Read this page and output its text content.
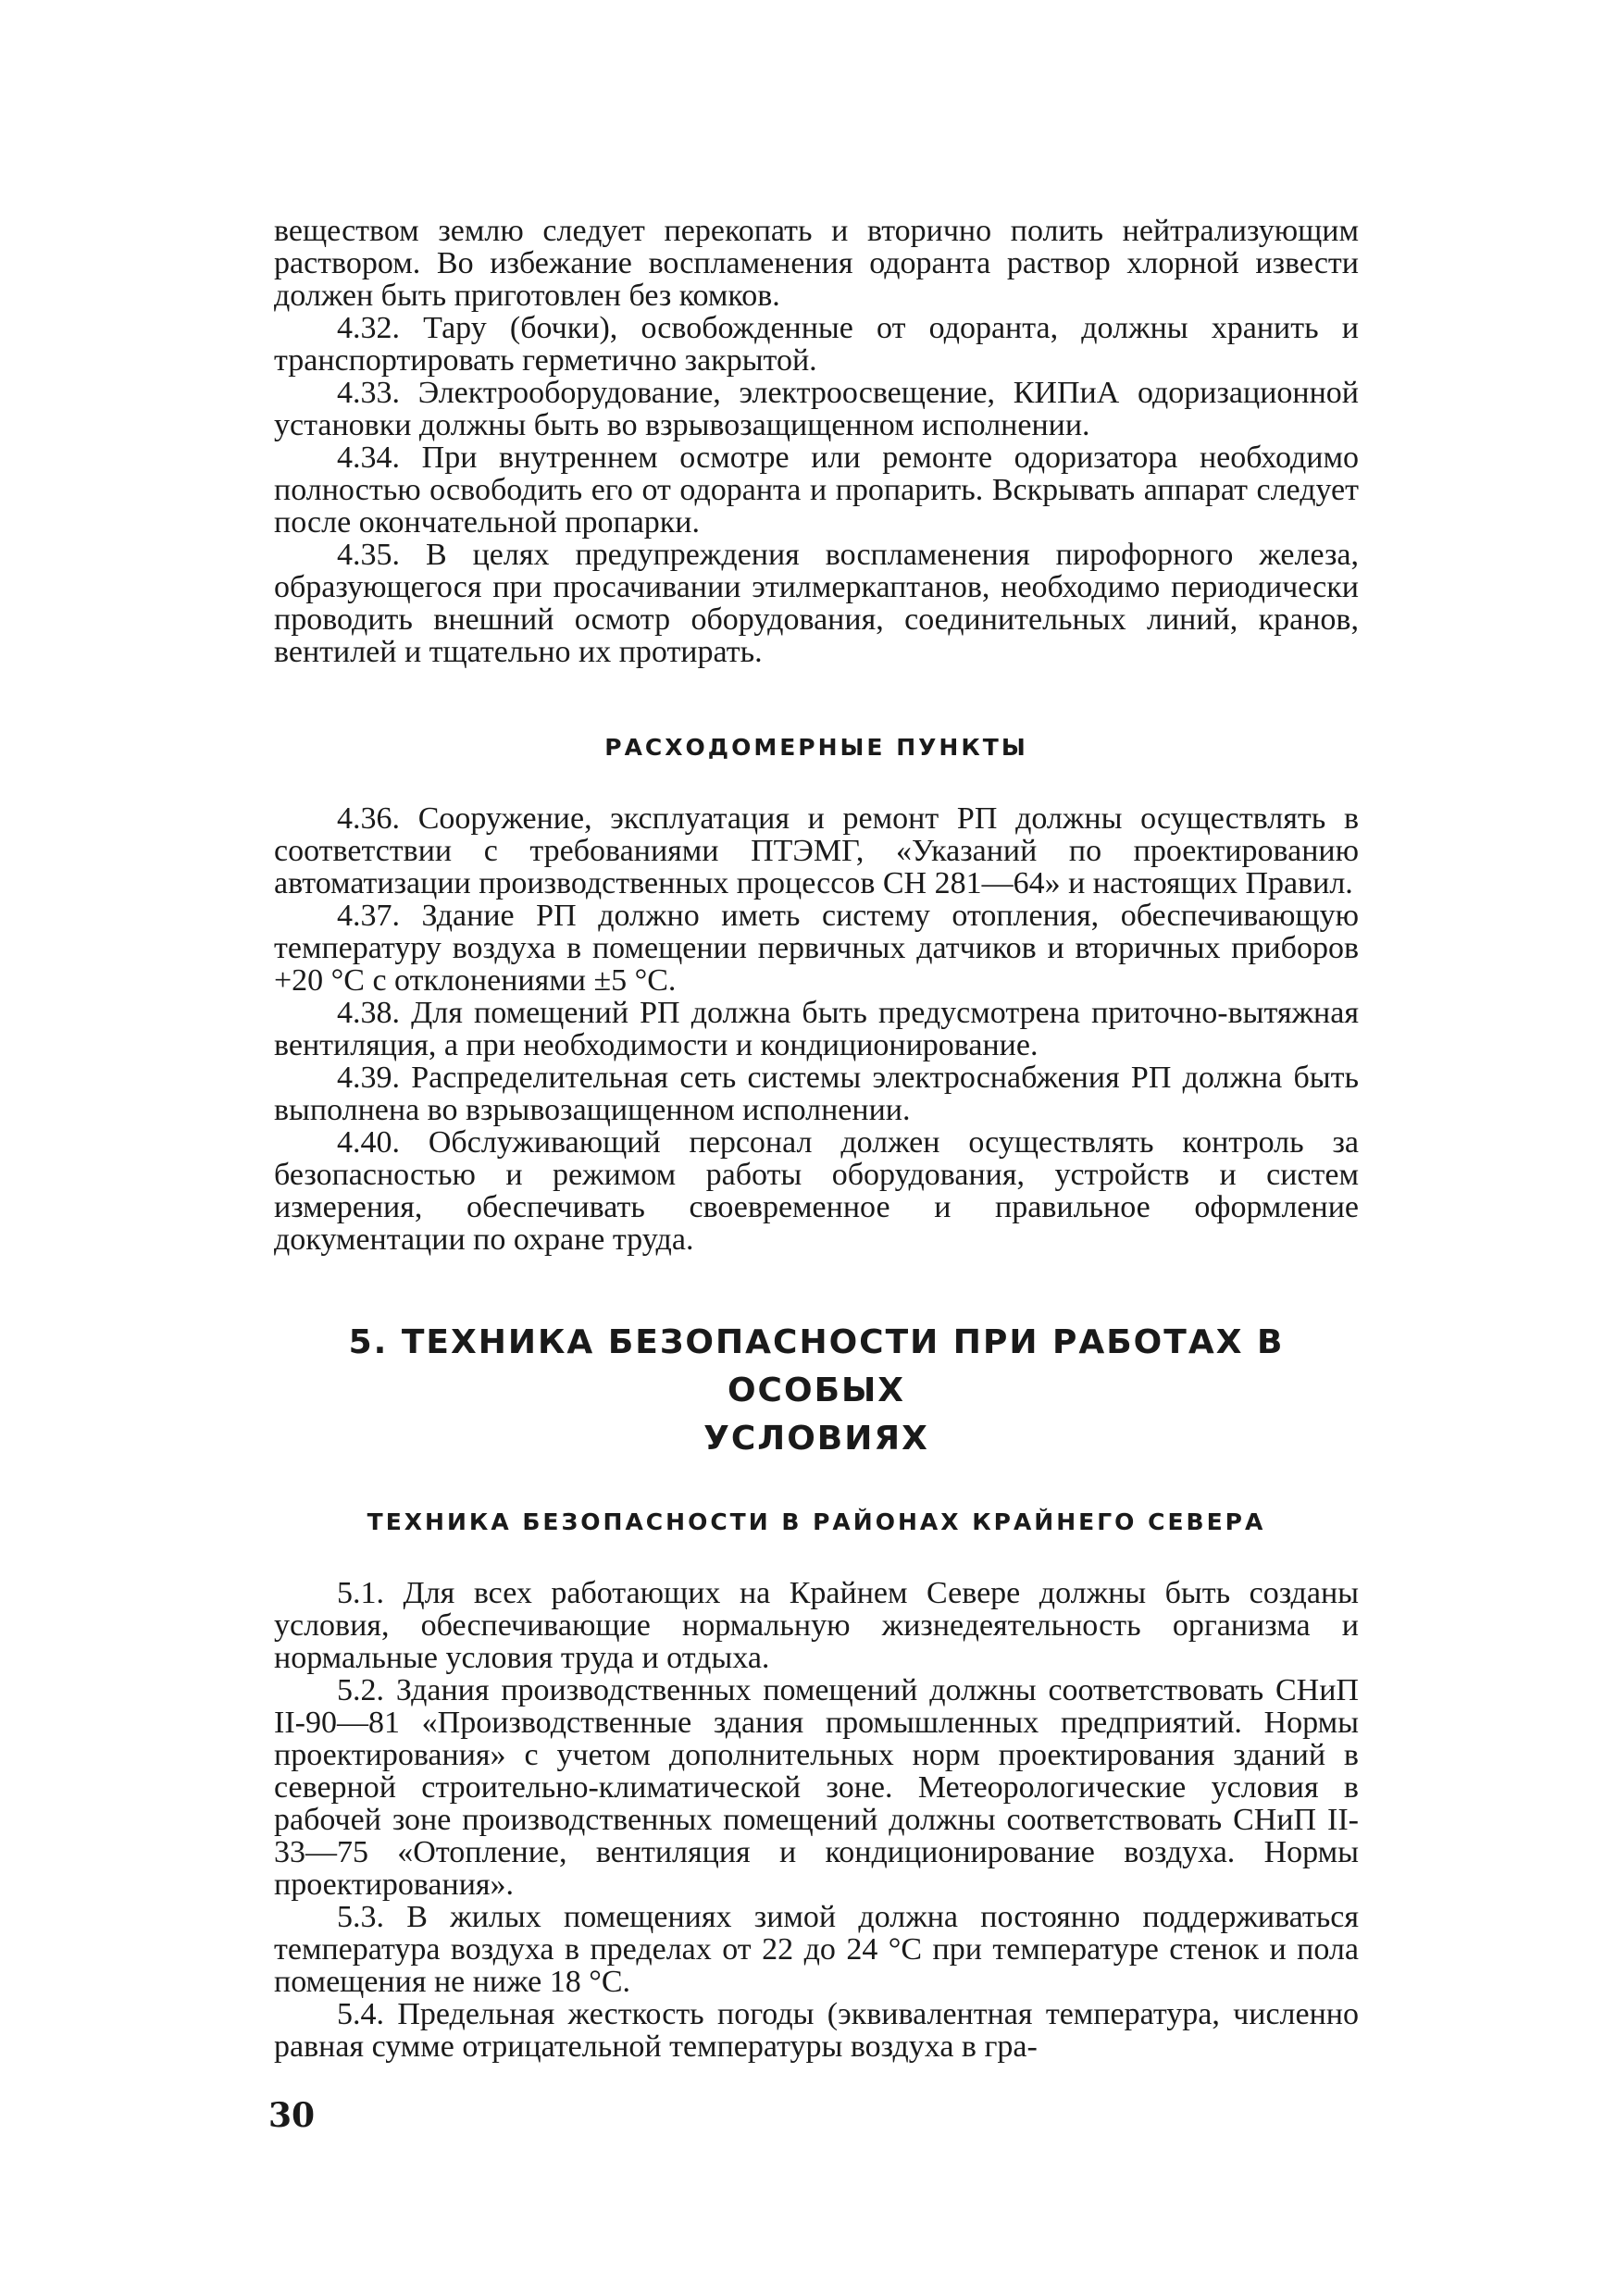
веществом землю следует перекопать и вторично полить нейтрализующим раствором. Во избежание воспламенения одоранта раствор хлорной извести должен быть приготовлен без комков.

4.32. Тару (бочки), освобожденные от одоранта, должны хранить и транспортировать герметично закрытой.

4.33. Электрооборудование, электроосвещение, КИПиА одоризационной установки должны быть во взрывозащищенном исполнении.

4.34. При внутреннем осмотре или ремонте одоризатора необходимо полностью освободить его от одоранта и пропарить. Вскрывать аппарат следует после окончательной пропарки.

4.35. В целях предупреждения воспламенения пирофорного железа, образующегося при просачивании этилмеркаптанов, необходимо периодически проводить внешний осмотр оборудования, соединительных линий, кранов, вентилей и тщательно их протирать.

РАСХОДОМЕРНЫЕ ПУНКТЫ

4.36. Сооружение, эксплуатация и ремонт РП должны осуществлять в соответствии с требованиями ПТЭМГ, «Указаний по проектированию автоматизации производственных процессов СН 281—64» и настоящих Правил.

4.37. Здание РП должно иметь систему отопления, обеспечивающую температуру воздуха в помещении первичных датчиков и вторичных приборов +20 °С с отклонениями ±5 °С.

4.38. Для помещений РП должна быть предусмотрена приточно-вытяжная вентиляция, а при необходимости и кондиционирование.

4.39. Распределительная сеть системы электроснабжения РП должна быть выполнена во взрывозащищенном исполнении.

4.40. Обслуживающий персонал должен осуществлять контроль за безопасностью и режимом работы оборудования, устройств и систем измерения, обеспечивать своевременное и правильное оформление документации по охране труда.

5. ТЕХНИКА БЕЗОПАСНОСТИ ПРИ РАБОТАХ В ОСОБЫХ
УСЛОВИЯХ
ТЕХНИКА БЕЗОПАСНОСТИ В РАЙОНАХ КРАЙНЕГО СЕВЕРА

5.1. Для всех работающих на Крайнем Севере должны быть созданы условия, обеспечивающие нормальную жизнедеятельность организма и нормальные условия труда и отдыха.

5.2. Здания производственных помещений должны соответствовать СНиП II-90—81 «Производственные здания промышленных предприятий. Нормы проектирования» с учетом дополнительных норм проектирования зданий в северной строительно-климатической зоне. Метеорологические условия в рабочей зоне производственных помещений должны соответствовать СНиП II-33—75 «Отопление, вентиляция и кондиционирование воздуха. Нормы проектирования».

5.3. В жилых помещениях зимой должна постоянно поддерживаться температура воздуха в пределах от 22 до 24 °С при температуре стенок и пола помещения не ниже 18 °С.

5.4. Предельная жесткость погоды (эквивалентная температура, численно равная сумме отрицательной температуры воздуха в гра-

30
